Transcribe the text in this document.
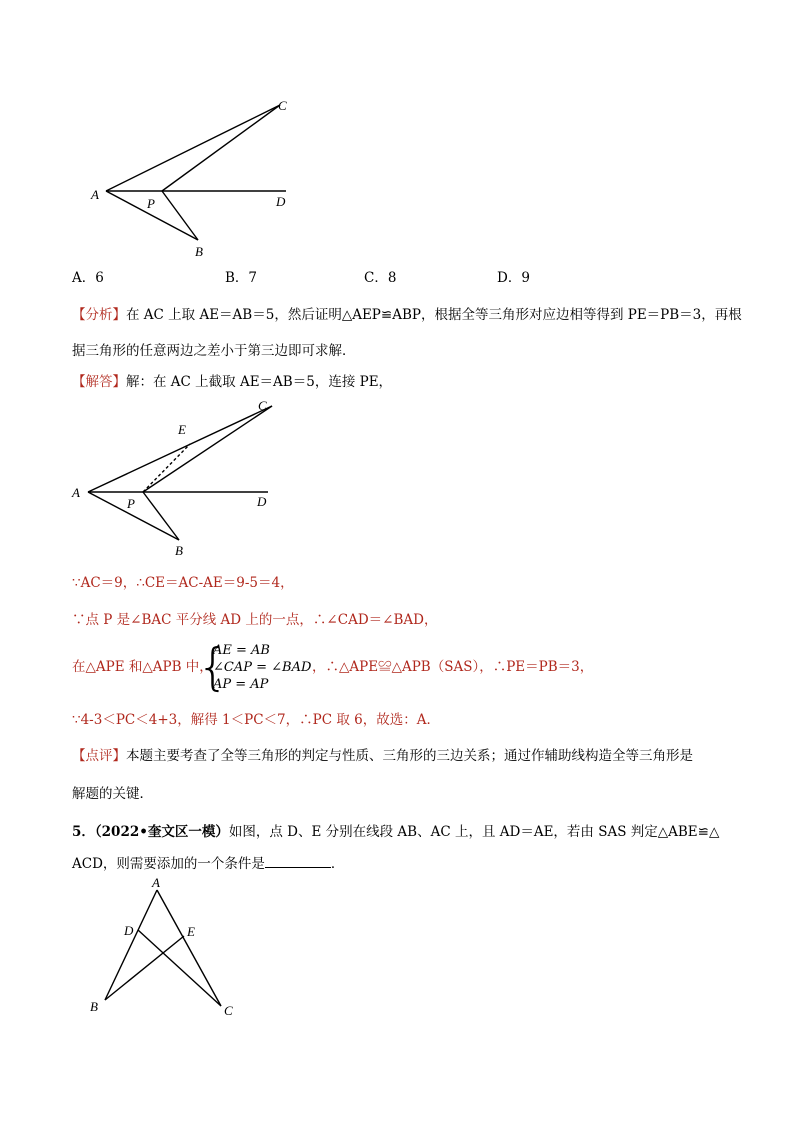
C
A
P	D
B
A．6	B．7	C．8	D．9
【分析】在 AC 上取 AE＝AB＝5，然后证明△AEP≌ABP，根据全等三角形对应边相等得到 PE＝PB＝3，再根
据三角形的任意两边之差小于第三边即可求解．
【解答】解：在 AC 上截取 AE＝AB＝5，连接 PE，
C
E
A
P	D
B
∵AC＝9，∴CE＝AC-AE＝9-5＝4，
∵点 P 是∠BAC 平分线 AD 上的一点，∴∠CAD＝∠BAD，
在△APE 和△APB 中，
{
AE = AB
∠CAP = ∠BAD
AP = AP
，∴△APE≌△APB（SAS），∴PE＝PB＝3，
∵4-3＜PC＜4+3，解得 1＜PC＜7，∴PC 取 6，故选：A．
【点评】本题主要考查了全等三角形的判定与性质、三角形的三边关系；通过作辅助线构造全等三角形是
解题的关键．
5．（2022•奎文区一模）如图，点 D、E 分别在线段 AB、AC 上，且 AD＝AE，若由 SAS 判定△ABE≌△
ACD，则需要添加的一个条件是	．
A
D	E
B	C
